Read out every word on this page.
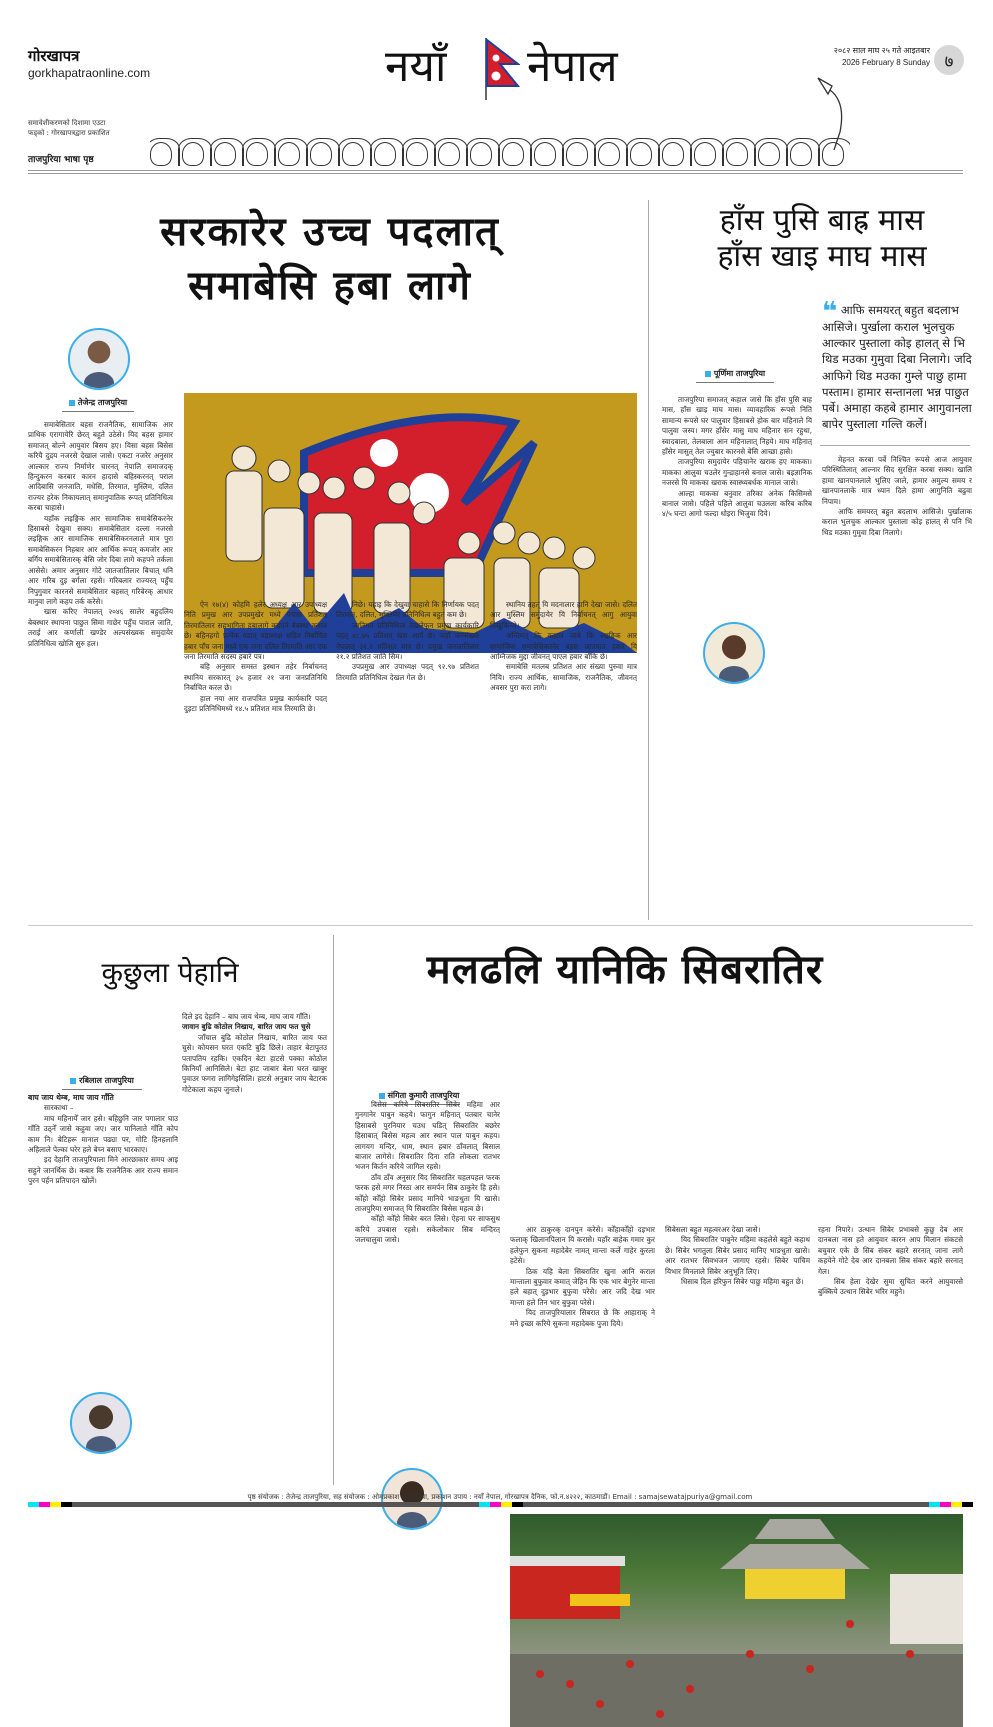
गोरखापत्र
gorkhapatraonline.com
समावेशीकरणको दिशामा एउटा
फड्को : गोरखापत्रद्वारा प्रकाशित
ताजपुरिया भाषा पृष्ठ
नयाँ नेपाल	२०८२ साल माघ २५ गते आइतबार
2026 February 8 Sunday ७
सरकारेर उच्च पदलात्
समाबेसि हबा लागे
तेजेन्द्र ताजपुरिया

समाबेसितार बहस राजनैतिक, सामाजिक आर प्राथिक एरागायेरि छेरत् बहुते उठेसे। यिद बहस हामार समाजत् बोल्ने आयुवार बिसय हए। यिसा बहस बिसेस करियै दुद्रय नजरसे देखाल जासे। एकटा नजरेर अनुसार आल्कार राज्य निर्माणेर चारनत् नेपालि समाजदक् हिन्दुकरन करबार कारन हादासे बहिस्करनत् पराल आदिबासि जनजाति, मधेसि, तिरमात, मुस्लिम, दलित राज्यर हरेक निकायलात् समानुपातिक रूपत् प्रतिनिधित्व करबा चाहासे।

यहाँक लइङ्गिक आर सामाजिक समाबेसिकरनेर हिसाबसे देखुवा सक्य। समाबेसितार दल्ला नजरसे लइङ्गिक आर सामाजिक समाबेसिकरनलाले मात्र पुरा समाबेसिकरन निहबार आर आर्थिक रूपत् कमजोर आर बर्गिय समाबेसितारक् बेसि जोर दिबा लागे कहपने तर्कला आसेसे। अमार अनुसार गोटे जातजातिलार बिचात् धनि आर गरिब दुइ बर्गला रहसे। गरिबलार राज्यरत् पहुँच निपुगुवार कारनसे समाबेसितार बहसत् गरिबेरक् आधार मानुवा लागे कहप तर्क करेसे।

खास करिए नेपालत् २०४६ सालेर बहुदलिय बेबस्थार स्थापना पाछुत सिमा गाछेर पहुँच पाराल जाति, तराई आर कर्णाली खण्डेर अल्पसंख्यक समुदायेर प्रतिनिधित्व खोजि सुरु हल।

ऐन १७(४) कोहमि हलेर अध्यक्ष आर उपाध्यक्ष निति प्रमुख आर उपप्रमुखेर मध्ये पचास प्रतिशत् तिरमातिलार सहभागिता हबालागे कहएने बेबस्था कराल छे। बहिनहगो प्रत्येक वडात् वडाध्यक्ष सहित निर्बाचित हबार पाँच जना मध्ये एक जना दलित तिरमाति आर एक जना तिरमाति सदस्य हबारे पत्र।

बहि अनुसार समस्त इस्थान तहेर निर्बाचनत् स्थानिय सरकारत् ३५ हजार २१ जना जनप्रतिनिधि निर्बाचित करल छे।

हाल नया आर राजपत्रित प्रमुख कार्यकारि पदत् दुइटा प्रतिनिधिमध्ये १४.५ प्रतिशत मात्र तिरमाति छे।

निछे। यहाइ कि देखुवा चाहासे कि निर्णायक पदत् तिरमात, दलित, मुस्लिमेर प्रतिनिधित्व बहुत कम छे।

जातिगत प्रतिनिधित्व देखलेफुन प्रमुख कार्यकारि पदत् ४८.७५ प्रतिशत् खस आर्य छे। जहाँ जनसंख्या नेपालत् ३१.२ प्रतिशत मात्र छे। प्रमुख जनजातिलार २१.२ प्रतिशत जाति सिम।

उपप्रमुख आर उपाध्यक्ष पदत् ९२.९७ प्रतिशत तिरमाति प्रतिनिधित्व देखल गेल छे।

स्थानिय तहत् यि मदनालार हानि देखा जासे। दलित आर मुस्लिम समुदायेर यि निर्बाचनत् आगु आयुवा निखुकिन्जे।

अन्तिमत् कि कहाल जाबे कि लइङ्गिक आर सामाजिक समाबेसिकरनेर बहस जातपात हबार यि आम्निजक मुद्दा जीवनत् पाएल हबार बाँकि छे।

समाबेसि मतलब प्रतिशत आर संख्या पुरुवा मात्र नियि। राज्य आर्थिक, सामाजिक, राजनैतिक, जीवनत् अवसर पुरा करा लागे।

हाँस पुसि बाह्र मास
हाँस खाइ माघ मास
पूर्णिमा ताजपुरिया
❝ आफि समयरत् बहुत बदलाभ आसिजे। पुर्खाला कराल भुलचुक आल्कार पुस्ताला कोइ हालत् से भि थिड मउका गुमुवा दिबा निलागे। जदि आफिगे थिड मउका गुम्ले पाछु हामा पस्ताम। हामार सन्तानला भन्न पाछुत पर्बे। अमाहा कहबे हामार आगुवानला बापेर पुस्ताला गल्ति कर्ले।

ताजपुरिया समाजत् कहाल जासे कि हाँस पुसि बाह मास, हाँस खाइ माघ मास। व्यावहारिक रूपसे निति सामान्य रूपसे घर पालुवार हिसाबसे होक बार महिनाले यि पालुवा जस्य। मगर हाँसेर मासु माघ महिनार सन रहुथा, स्वादबाला, तेलबाला आन महिनालात् निहये। माघ महिनात् हाँसेर मासुत् तेल ज्युबार कारनसे बेसि आच्छा हासे।

ताजपुरिया समुदायेर पहिचानेर खराक हए माकका। माकका आलुवा चउलेर गुन्द्राहानसे बनाल जासे। बइज्ञानिक नजरसे यि माकका खराक स्वास्थ्यबर्धक मानाल जासे।

आल्हा माकका बनुवार तरिका अनेक किसिमसे बानाल जासे। पहिले पहिले आलुवा चउलला करिब करिब ४/५ घन्टा आगो फल्दा धोइरा भिजुवा दिये।

मेहनत करबा पर्बे निश्चित रूपसे आज आयुवार परिस्थितिलात् आल्नार सिद सुरक्षित करबा सक्य। खालि हामा खानपानलाले भुलिए जाले, हामार अमुल्य समय र खानपानलाके मात्र ध्यान दिले हामा आगुनिति बढुवा निपाम।

आफि समयरत् बहुत बदलाभ आसिजे। पुर्खालाक कराल भुलचुक आल्कार पुस्ताला कोइ हालत् से पनि भि थिड मउका गुमुवा दिबा निलागे।

कुछुला पेहानि
रबिलाल ताजपुरिया
बाघ जाय थेम्ब, माघ जाय गाँति
सारकाथा –

माघ महिनायेँ जार हसे। बहिछुनि जार पगालार घाउ गाँति उठ्नेँ जासे कहुवा जए। जार पानिलाते गाँति कोप काम नि। बेटिहरू मानाल पढ्या पर, गोटि हिनहलानि अहिलाले पेल्का घरेर हले बेच्न बसाए भारकाए।

इद देहानि ताजपुरियाला मिने आरछाकार समय आइ सहुने जानर्थिक छे। कबार कि राजनैतिक आर राज्य समान पुरन पर्हन प्रतिपादन खोलें।

दिले इद देहानि – बाघ जाय थेम्ब, माघ जाय गाँति।
जावान बुढि कोठोल निखाय, बारित जाय फत चुसे

जाँचाल बुढि कोठोल निखाय, बारित जाय फत चुसे। कोयसन घरत एकटि बुढि छिले। ताहार बेटापुतउ पतापतिय रहकि। एकदिन बेटा हाटसे पक्का कोठोल किनियाँ आनिसिले। बेटा हाट जाबार बेला घरत खाबुर पुवाउर फगरा लागिगेइसिलि। हाटसे अनुबार जाय बेटारक गोटेकाला कहय जुनाले।

मलढलि यानिकि सिबरातिर
संगिता कुमारी ताजपुरिया

बिसेस करिये सिबरातिर सिबेर महिमा आर गुनगानेर पाबुन कहये। फागुन महिनात् पतबार चानेर हिसाबसे पुरनियार चउध घडित् सिबरातिर बछरेर हिसाबात् बिसेस महत्व आर स्थान पाल पाबुन कहय। लागयग मन्दिर, धाम, स्थान हबार ठाँवलात् बिसाल बाजार लागेसे। सिबरातिर दिना राति लोकला रातभर भजन किर्तन करिये जागिल रहसे।

ठाँव ठाँव अनुसार यिद सिबरातिर चहलपहल फरक फरक हसे मगर निस्ठा आर समर्पन सिब ठाकुरेर हि हसे। कोँहो कोँहो सिबेर प्रसाद मानिये भाङधुता यि खासे। ताजपुरिया समाजत् यि सिबरातिर बिसेस महत्व छे।

कोँहो कोँहो सिबेर बरत लिसे। ऐहना घर साफसुथ करिये उपबास रहसे। सकेलोकार सिब मन्दिरत् जलचालुवा जासे।

आर ठाकुरक् दानपुन करेसे। कोँहाकोँहो दइभार फलाक् खिलानपिलान यि करासे। यहाँर बाहेक गमार कुर हलेफुन सुकना महादेबेर नामत् मान्ता कर्ले गाहेर कुरला हटेसे।

ठिक यहि बेला सिबरातिर खुना आनि कराल मान्ताला बुफुवार कमात् जेहिन कि एक भार बेगुनेर मान्ता हले बहात् दुइभार बुफुवा परेसे। आर जदि देख भार मान्ता हले तिन भार बुफुवा परेसे।

यिद ताजपुरियालार सिबरात छे कि आहाराक् ने मने इच्छा करिये सुकना महादेबक पुजा दिये।

सिबेसला बहुत महत्वरअर देखा जासे।

यिद सिबरातिर पाबुनेर महिमा कहलेसे बहुते कहाथ छे। सिबेर भगतुला सिबेर प्रसाद मानिए भाङधुता खासे। आर रातभर सिवभजन जागाए रहसे। सिबेर पाचिम यिभार मिनलाले सिबेर अनुभूति लिए।

धिसाब दिल हरिफुन सिबेर पाछु महिमा बहुत छे।

रहना निपारे। उत्थान सिबेर प्रभाबसे कुछु देब आर दानबला नास हते आयुवार कारन आप मिलान संकटसे बचुवार एके छे सिब संकर बहारे सरनात् जाना लागे कहयेने गोटे देब आर दानबला सिब संकर बहारे सरनात् गेल।

सिब हेला देखेर सुमा सुचित करने आयुवारसे बुक्किये उत्थान सिबेर भरिर महुने।

पृष्ठ संयोजक : तेजेन्द्र ताजपुरिया, सह संयोजक : ओमप्रकाश ताजपुरिया, प्रकाशन उपाय : नयाँ नेपाल, गोरखापत्र दैनिक, फो.न.४२२२, काठमाडौं। Email : samajsewatajpuriya@gmail.com
